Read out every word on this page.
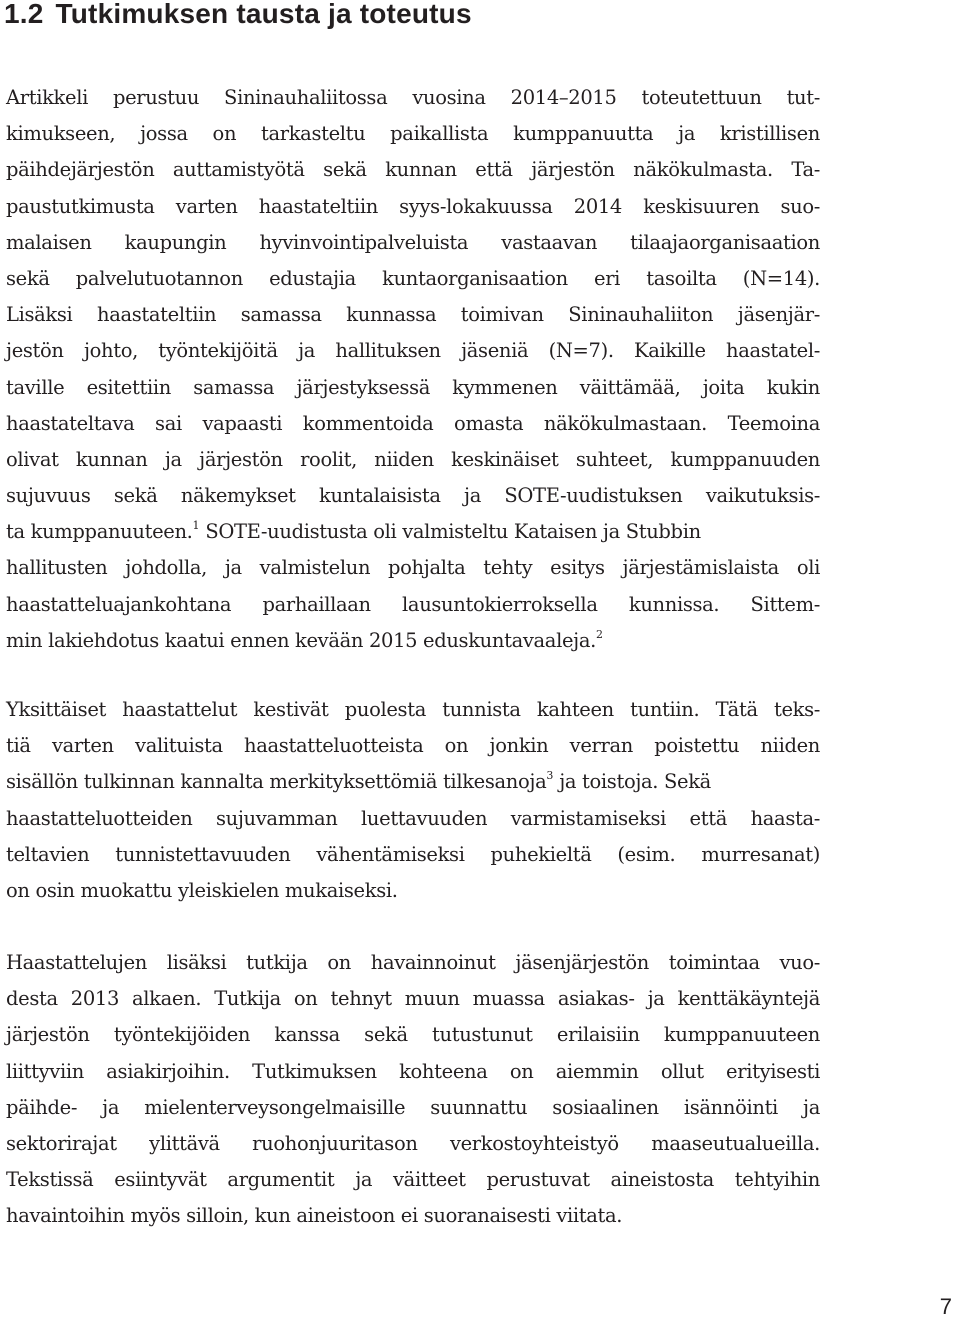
1.2 Tutkimuksen tausta ja toteutus
Artikkeli perustuu Sininauhaliitossa vuosina 2014–2015 toteutettuun tut-
kimukseen, jossa on tarkasteltu paikallista kumppanuutta ja kristillisen
päihdejärjestön auttamistyötä sekä kunnan että järjestön näkökulmasta. Ta-
paustutkimusta varten haastateltiin syys-lokakuussa 2014 keskisuuren suo-
malaisen kaupungin hyvinvointipalveluista vastaavan tilaajaorganisaation
sekä palvelutuotannon edustajia kuntaorganisaation eri tasoilta (N=14).
Lisäksi haastateltiin samassa kunnassa toimivan Sininauhaliiton jäsenjär-
jestön johto, työntekijöitä ja hallituksen jäseniä (N=7). Kaikille haastatel-
taville esitettiin samassa järjestyksessä kymmenen väittämää, joita kukin
haastateltava sai vapaasti kommentoida omasta näkökulmastaan. Teemoina
olivat kunnan ja järjestön roolit, niiden keskinäiset suhteet, kumppanuuden
sujuvuus sekä näkemykset kuntalaisista ja SOTE-uudistuksen vaikutuksis-
ta kumppanuuteen.$^1$ SOTE-uudistusta oli valmisteltu Kataisen ja Stubbin
hallitusten johdolla, ja valmistelun pohjalta tehty esitys järjestämislaista oli
haastatteluajankohtana parhaillaan lausuntokierroksella kunnissa. Sittem-
min lakiehdotus kaatui ennen kevään 2015 eduskuntavaaleja.$^2$
Yksittäiset haastattelut kestivät puolesta tunnista kahteen tuntiin. Tätä teks-
tiä varten valituista haastatteluotteista on jonkin verran poistettu niiden
sisällön tulkinnan kannalta merkityksettömiä tilkesanoja$^3$ ja toistoja. Sekä
haastatteluotteiden sujuvamman luettavuuden varmistamiseksi että haasta-
teltavien tunnistettavuuden vähentämiseksi puhekieltä (esim. murresanat)
on osin muokattu yleiskielen mukaiseksi.
Haastattelujen lisäksi tutkija on havainnoinut jäsenjärjestön toimintaa vuo-
desta 2013 alkaen. Tutkija on tehnyt muun muassa asiakas- ja kenttäkäyntejä
järjestön työntekijöiden kanssa sekä tutustunut erilaisiin kumppanuuteen
liittyviin asiakirjoihin. Tutkimuksen kohteena on aiemmin ollut erityisesti
päihde- ja mielenterveysongelmaisille suunnattu sosiaalinen isännöinti ja
sektorirajat ylittävä ruohonjuuritason verkostoyhteistyö maaseutualueilla.
Tekstissä esiintyvät argumentit ja väitteet perustuvat aineistosta tehtyihin
havaintoihin myös silloin, kun aineistoon ei suoranaisesti viitata.
7
